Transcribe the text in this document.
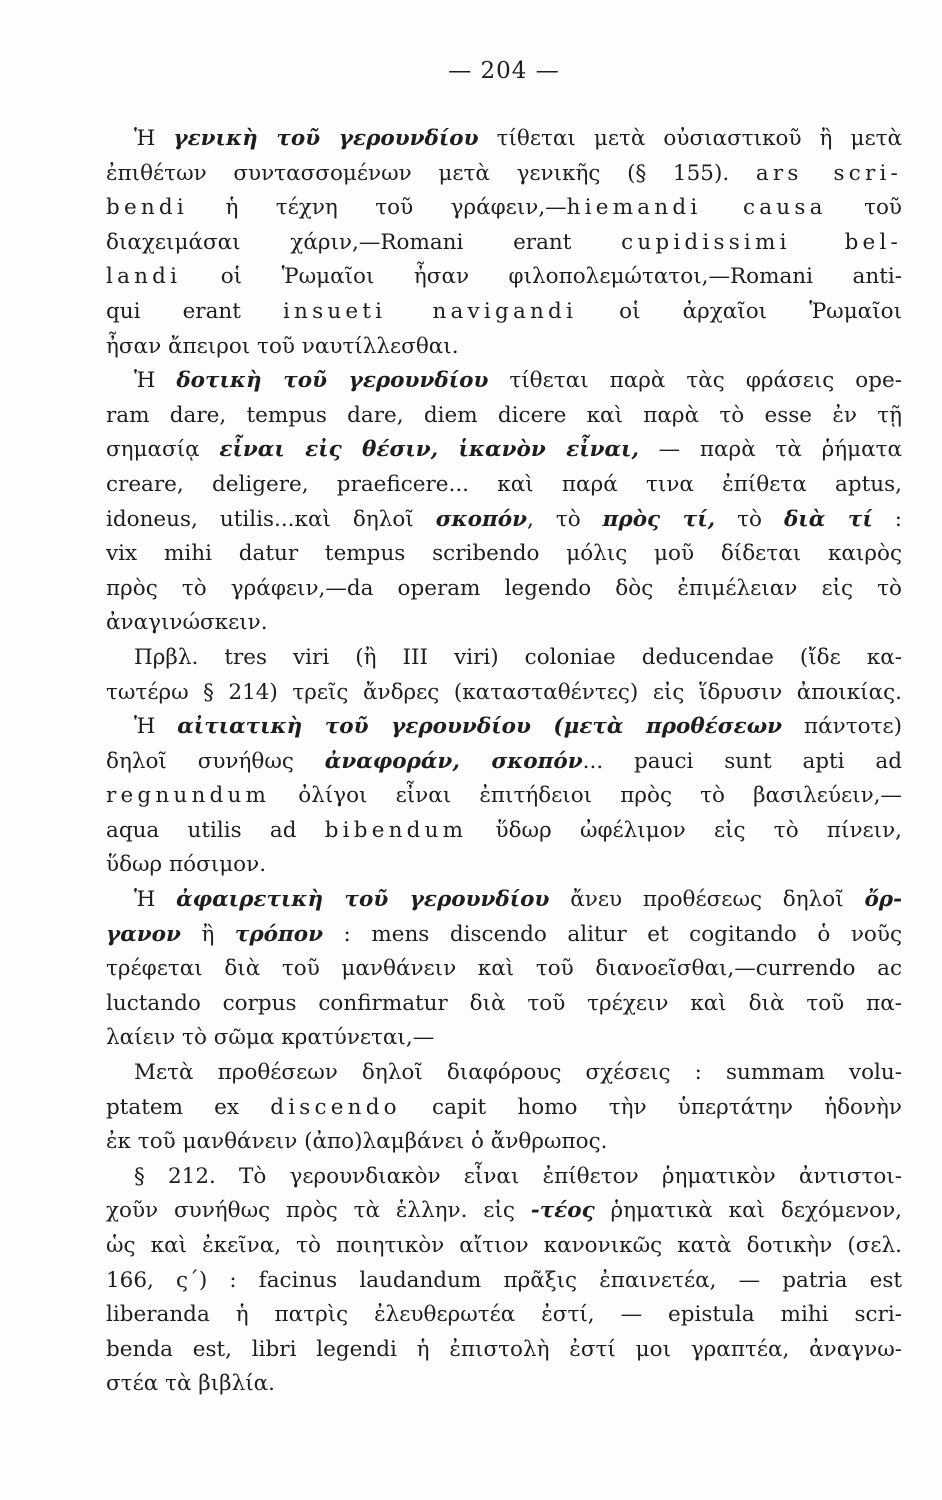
— 204 —
Ἡ γενικὴ τοῦ γερουνδίου τίθεται μετὰ οὐσιαστικοῦ ἢ μετὰ
ἐπιθέτων συντασσομένων μετὰ γενικῆς (§ 155). ars scri-
bendi ἡ τέχνη τοῦ γράφειν,—hiemandi causa τοῦ
διαχειμάσαι χάριν,—Romani erant cupidissimi bel-
landi οἱ Ῥωμαῖοι ἦσαν φιλοπολεμώτατοι,—Romani anti-
qui erant insueti navigandi οἱ ἀρχαῖοι Ῥωμαῖοι
ἦσαν ἄπειροι τοῦ ναυτίλλεσθαι.
Ἡ δοτικὴ τοῦ γερουνδίου τίθεται παρὰ τὰς φράσεις ope-
ram dare, tempus dare, diem dicere καὶ παρὰ τὸ esse ἐν τῇ
σημασίᾳ εἶναι εἰς θέσιν, ἱκανὸν εἶναι, — παρὰ τὰ ῥήματα
creare, deligere, praeficere... καὶ παρά τινα ἐπίθετα aptus,
idoneus, utilis...καὶ δηλοῖ σκοπόν, τὸ πρὸς τί, τὸ διὰ τί :
vix mihi datur tempus scribendo μόλις μοῦ δίδεται καιρὸς
πρὸς τὸ γράφειν,—da operam legendo δὸς ἐπιμέλειαν εἰς τὸ
ἀναγινώσκειν.
Πρβλ. tres viri (ἢ III viri) coloniae deducendae (ἴδε κα-
τωτέρω § 214) τρεῖς ἄνδρες (κατασταθέντες) εἰς ἵδρυσιν ἀποικίας.
Ἡ αἰτιατικὴ τοῦ γερουνδίου (μετὰ προθέσεων πάντοτε)
δηλοῖ συνήθως ἀναφοράν, σκοπόν... pauci sunt apti ad
regnundum ὀλίγοι εἶναι ἐπιτήδειοι πρὸς τὸ βασιλεύειν,—
aqua utilis ad bibendum ὕδωρ ὠφέλιμον εἰς τὸ πίνειν,
ὕδωρ πόσιμον.
Ἡ ἀφαιρετικὴ τοῦ γερουνδίου ἄνευ προθέσεως δηλοῖ ὄρ-
γανον ἢ τρόπον : mens discendo alitur et cogitando ὁ νοῦς
τρέφεται διὰ τοῦ μανθάνειν καὶ τοῦ διανοεῖσθαι,—currendo ac
luctando corpus confirmatur διὰ τοῦ τρέχειν καὶ διὰ τοῦ πα-
λαίειν τὸ σῶμα κρατύνεται,—
Μετὰ προθέσεων δηλοῖ διαφόρους σχέσεις : summam volu-
ptatem ex discendo capit homo τὴν ὑπερτάτην ἡδονὴν
ἐκ τοῦ μανθάνειν (ἀπο)λαμβάνει ὁ ἄνθρωπος.
§ 212. Τὸ γερουνδιακὸν εἶναι ἐπίθετον ῥηματικὸν ἀντιστοι-
χοῦν συνήθως πρὸς τὰ ἑλλην. εἰς -τέος ῥηματικὰ καὶ δεχόμενον,
ὡς καὶ ἐκεῖνα, τὸ ποιητικὸν αἴτιον κανονικῶς κατὰ δοτικὴν (σελ.
166, ς´) : facinus laudandum πρᾶξις ἐπαινετέα, — patria est
liberanda ἡ πατρὶς ἐλευθερωτέα ἐστί, — epistula mihi scri-
benda est, libri legendi ἡ ἐπιστολὴ ἐστί μοι γραπτέα, ἀναγνω-
στέα τὰ βιβλία.
